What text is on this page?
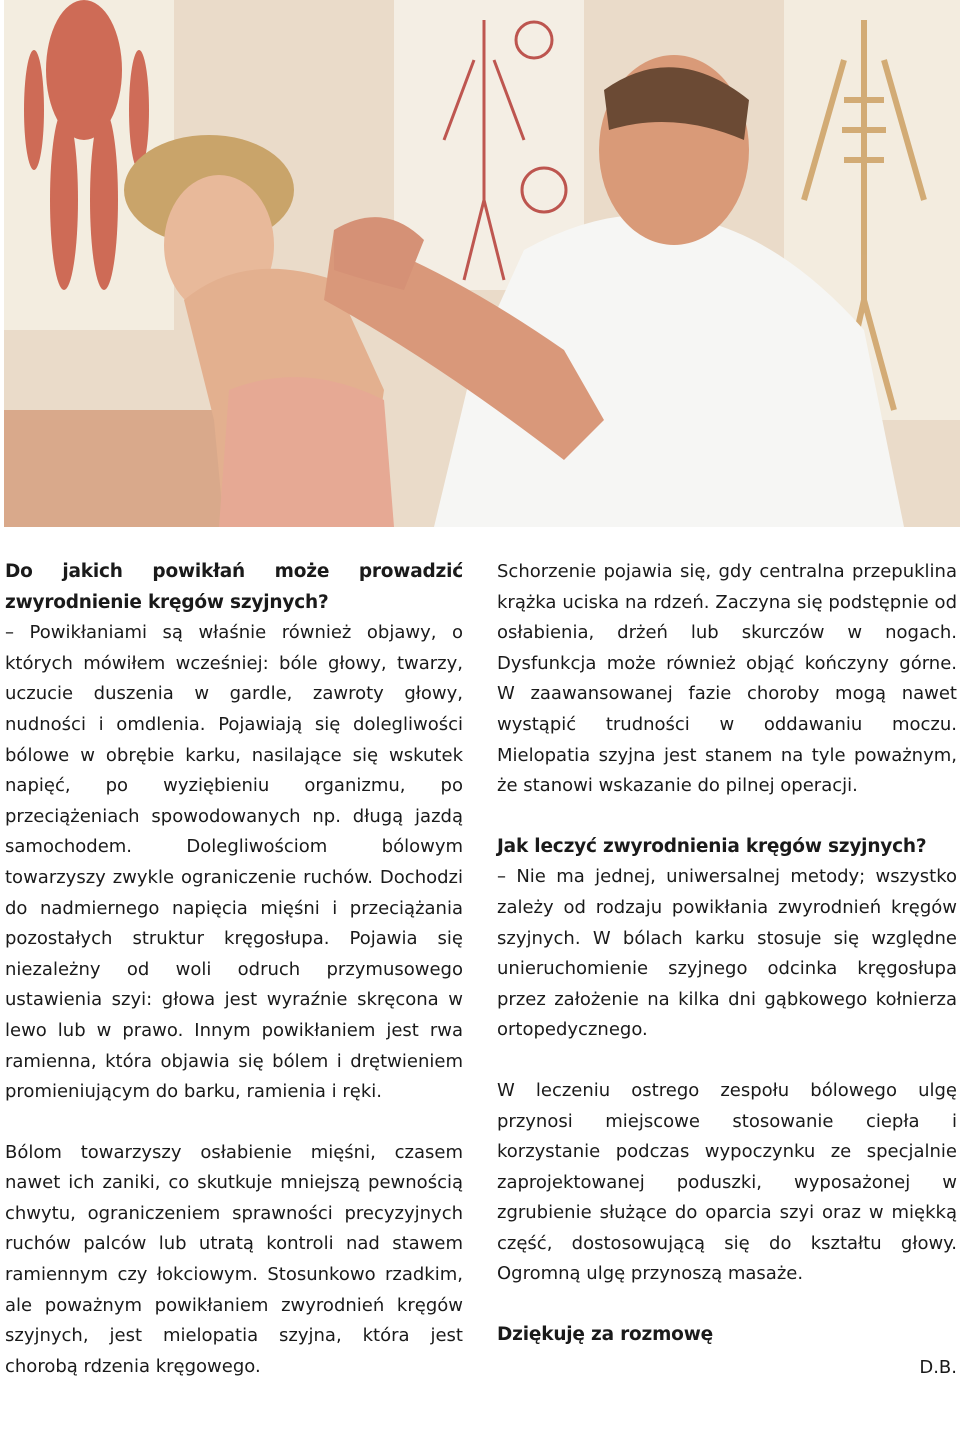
Do jakich powikłań może prowadzić zwyrodnienie kręgów szyjnych?

– Powikłaniami są właśnie również objawy, o których mówiłem wcześniej: bóle głowy, twarzy, uczucie duszenia w gardle, zawroty głowy, nudności i omdlenia. Pojawiają się dolegliwości bólowe w obrębie karku, nasilające się wskutek napięć, po wyziębieniu organizmu, po przeciążeniach spowodowanych np. długą jazdą samochodem. Dolegliwościom bólowym towarzyszy zwykle ograniczenie ruchów. Dochodzi do nadmiernego napięcia mięśni i przeciążania pozostałych struktur kręgosłupa. Pojawia się niezależny od woli odruch przymusowego ustawienia szyi: głowa jest wyraźnie skręcona w lewo lub w prawo. Innym powikłaniem jest rwa ramienna, która objawia się bólem i drętwieniem promieniującym do barku, ramienia i ręki.

Bólom towarzyszy osłabienie mięśni, czasem nawet ich zaniki, co skutkuje mniejszą pewnością chwytu, ograniczeniem sprawności precyzyjnych ruchów palców lub utratą kontroli nad stawem ramiennym czy łokciowym. Stosunkowo rzadkim, ale poważnym powikłaniem zwyrodnień kręgów szyjnych, jest mielopatia szyjna, która jest chorobą rdzenia kręgowego.

Schorzenie pojawia się, gdy centralna przepuklina krążka uciska na rdzeń. Zaczyna się podstępnie od osłabienia, drżeń lub skurczów w nogach. Dysfunkcja może również objąć kończyny górne. W zaawansowanej fazie choroby mogą nawet wystąpić trudności w oddawaniu moczu. Mielopatia szyjna jest stanem na tyle poważnym, że stanowi wskazanie do pilnej operacji.

Jak leczyć zwyrodnienia kręgów szyjnych?

– Nie ma jednej, uniwersalnej metody; wszystko zależy od rodzaju powikłania zwyrodnień kręgów szyjnych. W bólach karku stosuje się względne unieruchomienie szyjnego odcinka kręgosłupa przez założenie na kilka dni gąbkowego kołnierza ortopedycznego.

W leczeniu ostrego zespołu bólowego ulgę przynosi miejscowe stosowanie ciepła i korzystanie podczas wypoczynku ze specjalnie zaprojektowanej poduszki, wyposażonej w zgrubienie służące do oparcia szyi oraz w miękką część, dostosowującą się do kształtu głowy. Ogromną ulgę przynoszą masaże.

Dziękuję za rozmowę

D.B.
